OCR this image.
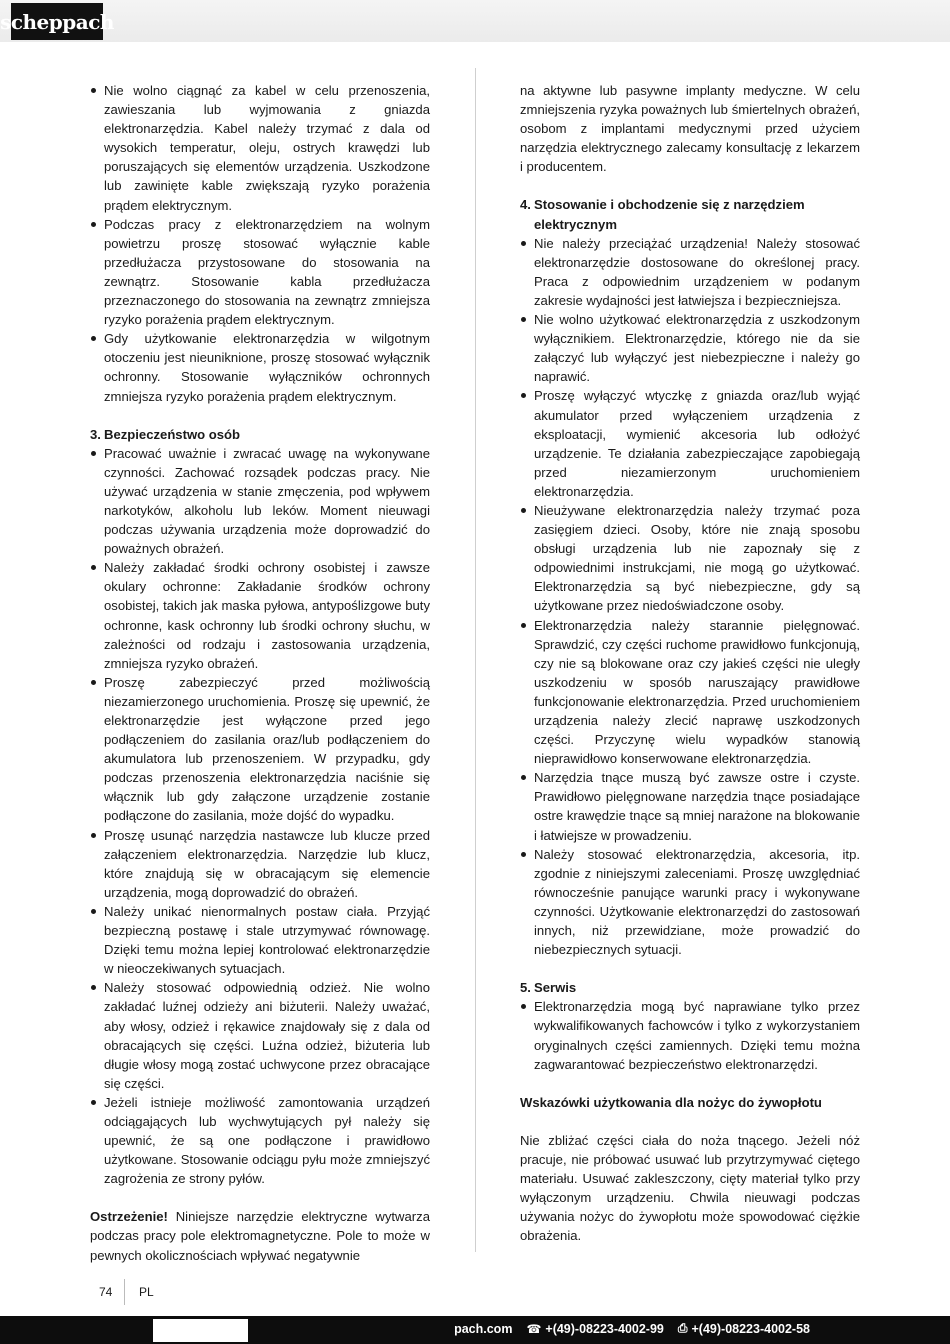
scheppach
Nie wolno ciągnąć za kabel w celu przenoszenia, zawieszania lub wyjmowania z gniazda elektronarzędzia. Kabel należy trzymać z dala od wysokich temperatur, oleju, ostrych krawędzi lub poruszających się elementów urządzenia. Uszkodzone lub zawinięte kable zwiększają ryzyko porażenia prądem elektrycznym.
Podczas pracy z elektronarzędziem na wolnym powietrzu proszę stosować wyłącznie kable przedłużacza przystosowane do stosowania na zewnątrz. Stosowanie kabla przedłużacza przeznaczonego do stosowania na zewnątrz zmniejsza ryzyko porażenia prądem elektrycznym.
Gdy użytkowanie elektronarzędzia w wilgotnym otoczeniu jest nieuniknione, proszę stosować wyłącznik ochronny. Stosowanie wyłączników ochronnych zmniejsza ryzyko porażenia prądem elektrycznym.

3. Bezpieczeństwo osób

Pracować uważnie i zwracać uwagę na wykonywane czynności. Zachować rozsądek podczas pracy. Nie używać urządzenia w stanie zmęczenia, pod wpływem narkotyków, alkoholu lub leków. Moment nieuwagi podczas używania urządzenia może doprowadzić do poważnych obrażeń.
Należy zakładać środki ochrony osobistej i zawsze okulary ochronne: Zakładanie środków ochrony osobistej, takich jak maska pyłowa, antypoślizgowe buty ochronne, kask ochronny lub środki ochrony słuchu, w zależności od rodzaju i zastosowania urządzenia, zmniejsza ryzyko obrażeń.
Proszę zabezpieczyć przed możliwością niezamierzonego uruchomienia. Proszę się upewnić, że elektronarzędzie jest wyłączone przed jego podłączeniem do zasilania oraz/lub podłączeniem do akumulatora lub przenoszeniem. W przypadku, gdy podczas przenoszenia elektronarzędzia naciśnie się włącznik lub gdy załączone urządzenie zostanie podłączone do zasilania, może dojść do wypadku.
Proszę usunąć narzędzia nastawcze lub klucze przed załączeniem elektronarzędzia. Narzędzie lub klucz, które znajdują się w obracającym się elemencie urządzenia, mogą doprowadzić do obrażeń.
Należy unikać nienormalnych postaw ciała. Przyjąć bezpieczną postawę i stale utrzymywać równowagę. Dzięki temu można lepiej kontrolować elektronarzędzie w nieoczekiwanych sytuacjach.
Należy stosować odpowiednią odzież. Nie wolno zakładać luźnej odzieży ani biżuterii. Należy uważać, aby włosy, odzież i rękawice znajdowały się z dala od obracających się części. Luźna odzież, biżuteria lub długie włosy mogą zostać uchwycone przez obracające się części.
Jeżeli istnieje możliwość zamontowania urządzeń odciągających lub wychwytujących pył należy się upewnić, że są one podłączone i prawidłowo użytkowane. Stosowanie odciągu pyłu może zmniejszyć zagrożenia ze strony pyłów.

Ostrzeżenie! Niniejsze narzędzie elektryczne wytwarza podczas pracy pole elektromagnetyczne. Pole to może w pewnych okolicznościach wpływać negatywnie

na aktywne lub pasywne implanty medyczne. W celu zmniejszenia ryzyka poważnych lub śmiertelnych obrażeń, osobom z implantami medycznymi przed użyciem narzędzia elektrycznego zalecamy konsultację z lekarzem i producentem.

4. Stosowanie i obchodzenie się z narzędziem elektrycznym

Nie należy przeciążać urządzenia! Należy stosować elektronarzędzie dostosowane do określonej pracy. Praca z odpowiednim urządzeniem w podanym zakresie wydajności jest łatwiejsza i bezpieczniejsza.
Nie wolno użytkować elektronarzędzia z uszkodzonym wyłącznikiem. Elektronarzędzie, którego nie da sie załączyć lub wyłączyć jest niebezpieczne i należy go naprawić.
Proszę wyłączyć wtyczkę z gniazda oraz/lub wyjąć akumulator przed wyłączeniem urządzenia z eksploatacji, wymienić akcesoria lub odłożyć urządzenie. Te działania zabezpieczające zapobiegają przed niezamierzonym uruchomieniem elektronarzędzia.
Nieużywane elektronarzędzia należy trzymać poza zasięgiem dzieci. Osoby, które nie znają sposobu obsługi urządzenia lub nie zapoznały się z odpowiednimi instrukcjami, nie mogą go użytkować. Elektronarzędzia są być niebezpieczne, gdy są użytkowane przez niedoświadczone osoby.
Elektronarzędzia należy starannie pielęgnować. Sprawdzić, czy części ruchome prawidłowo funkcjonują, czy nie są blokowane oraz czy jakieś części nie uległy uszkodzeniu w sposób naruszający prawidłowe funkcjonowanie elektronarzędzia. Przed uruchomieniem urządzenia należy zlecić naprawę uszkodzonych części. Przyczynę wielu wypadków stanowią nieprawidłowo konserwowane elektronarzędzia.
Narzędzia tnące muszą być zawsze ostre i czyste. Prawidłowo pielęgnowane narzędzia tnące posiadające ostre krawędzie tnące są mniej narażone na blokowanie i łatwiejsze w prowadzeniu.
Należy stosować elektronarzędzia, akcesoria, itp. zgodnie z niniejszymi zaleceniami. Proszę uwzględniać równocześnie panujące warunki pracy i wykonywane czynności. Użytkowanie elektronarzędzi do zastosowań innych, niż przewidziane, może prowadzić do niebezpiecznych sytuacji.

5. Serwis

Elektronarzędzia mogą być naprawiane tylko przez wykwalifikowanych fachowców i tylko z wykorzystaniem oryginalnych części zamiennych. Dzięki temu można zagwarantować bezpieczeństwo elektronarzędzi.

Wskazówki użytkowania dla nożyc do żywopłotu

Nie zbliżać części ciała do noża tnącego. Jeżeli nóż pracuje, nie próbować usuwać lub przytrzymywać ciętego materiału. Usuwać zakleszczony, cięty materiał tylko przy wyłączonym urządzeniu. Chwila nieuwagi podczas używania nożyc do żywopłotu może spowodować ciężkie obrażenia.

74 PL
pach.com ☎ +(49)-08223-4002-99 ⎙ +(49)-08223-4002-58
